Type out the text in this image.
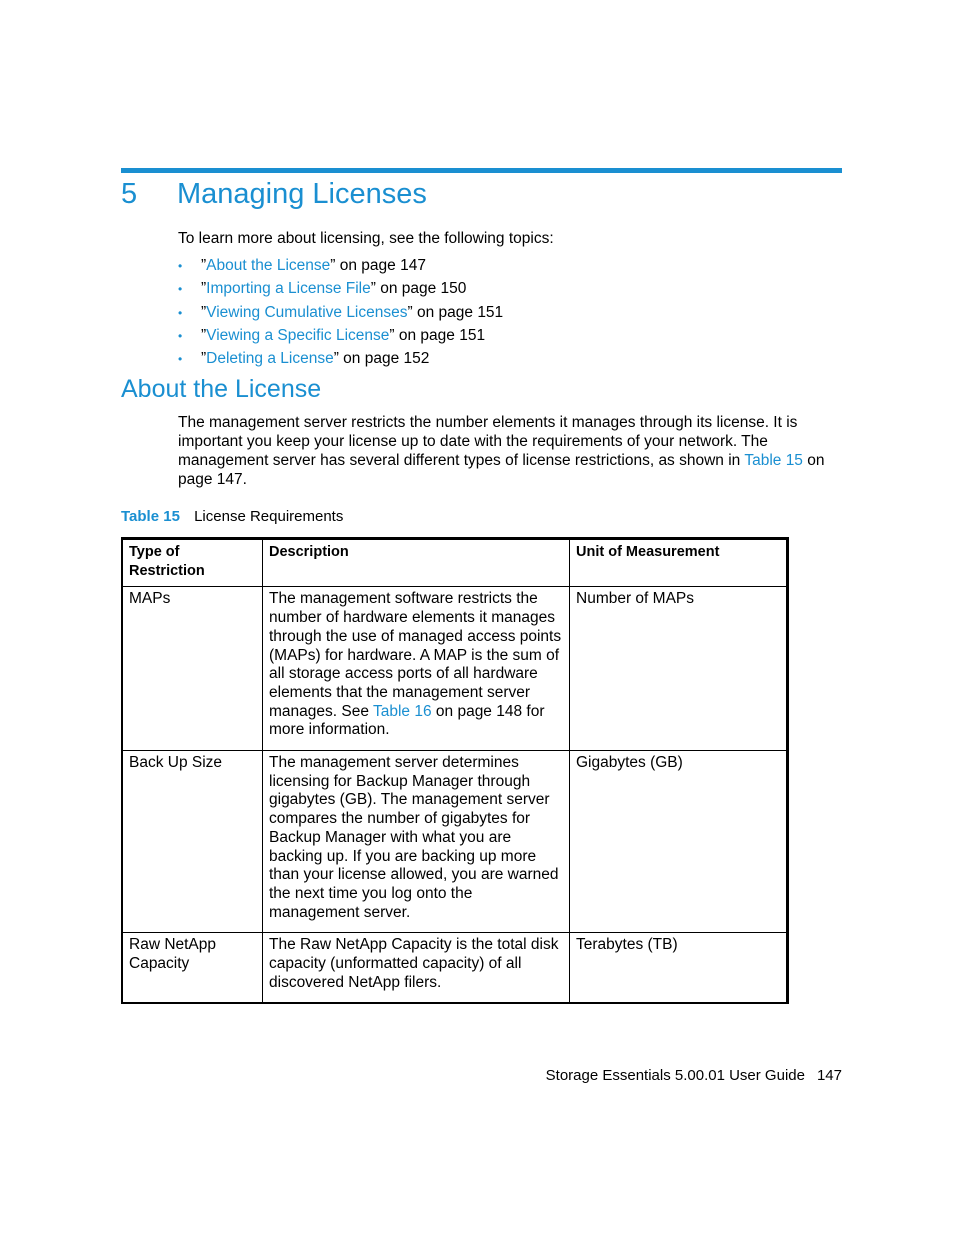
5 Managing Licenses
To learn more about licensing, see the following topics:
• ”About the License” on page 147
• ”Importing a License File” on page 150
• ”Viewing Cumulative Licenses” on page 151
• ”Viewing a Specific License” on page 151
• ”Deleting a License” on page 152
About the License

The management server restricts the number elements it manages through its license. It is important you keep your license up to date with the requirements of your network. The management server has several different types of license restrictions, as shown in Table 15 on page 147.

Table 15 License Requirements
Type of Restriction	Description	Unit of Measurement
MAPs	The management software restricts the number of hardware elements it manages through the use of managed access points (MAPs) for hardware. A MAP is the sum of all storage access ports of all hardware elements that the management server manages. See Table 16 on page 148 for more information.	Number of MAPs
Back Up Size	The management server determines licensing for Backup Manager through gigabytes (GB). The management server compares the number of gigabytes for Backup Manager with what you are backing up. If you are backing up more than your license allowed, you are warned the next time you log onto the management server.	Gigabytes (GB)
Raw NetApp Capacity	The Raw NetApp Capacity is the total disk capacity (unformatted capacity) of all discovered NetApp filers.	Terabytes (TB)
Storage Essentials 5.00.01 User Guide 147
